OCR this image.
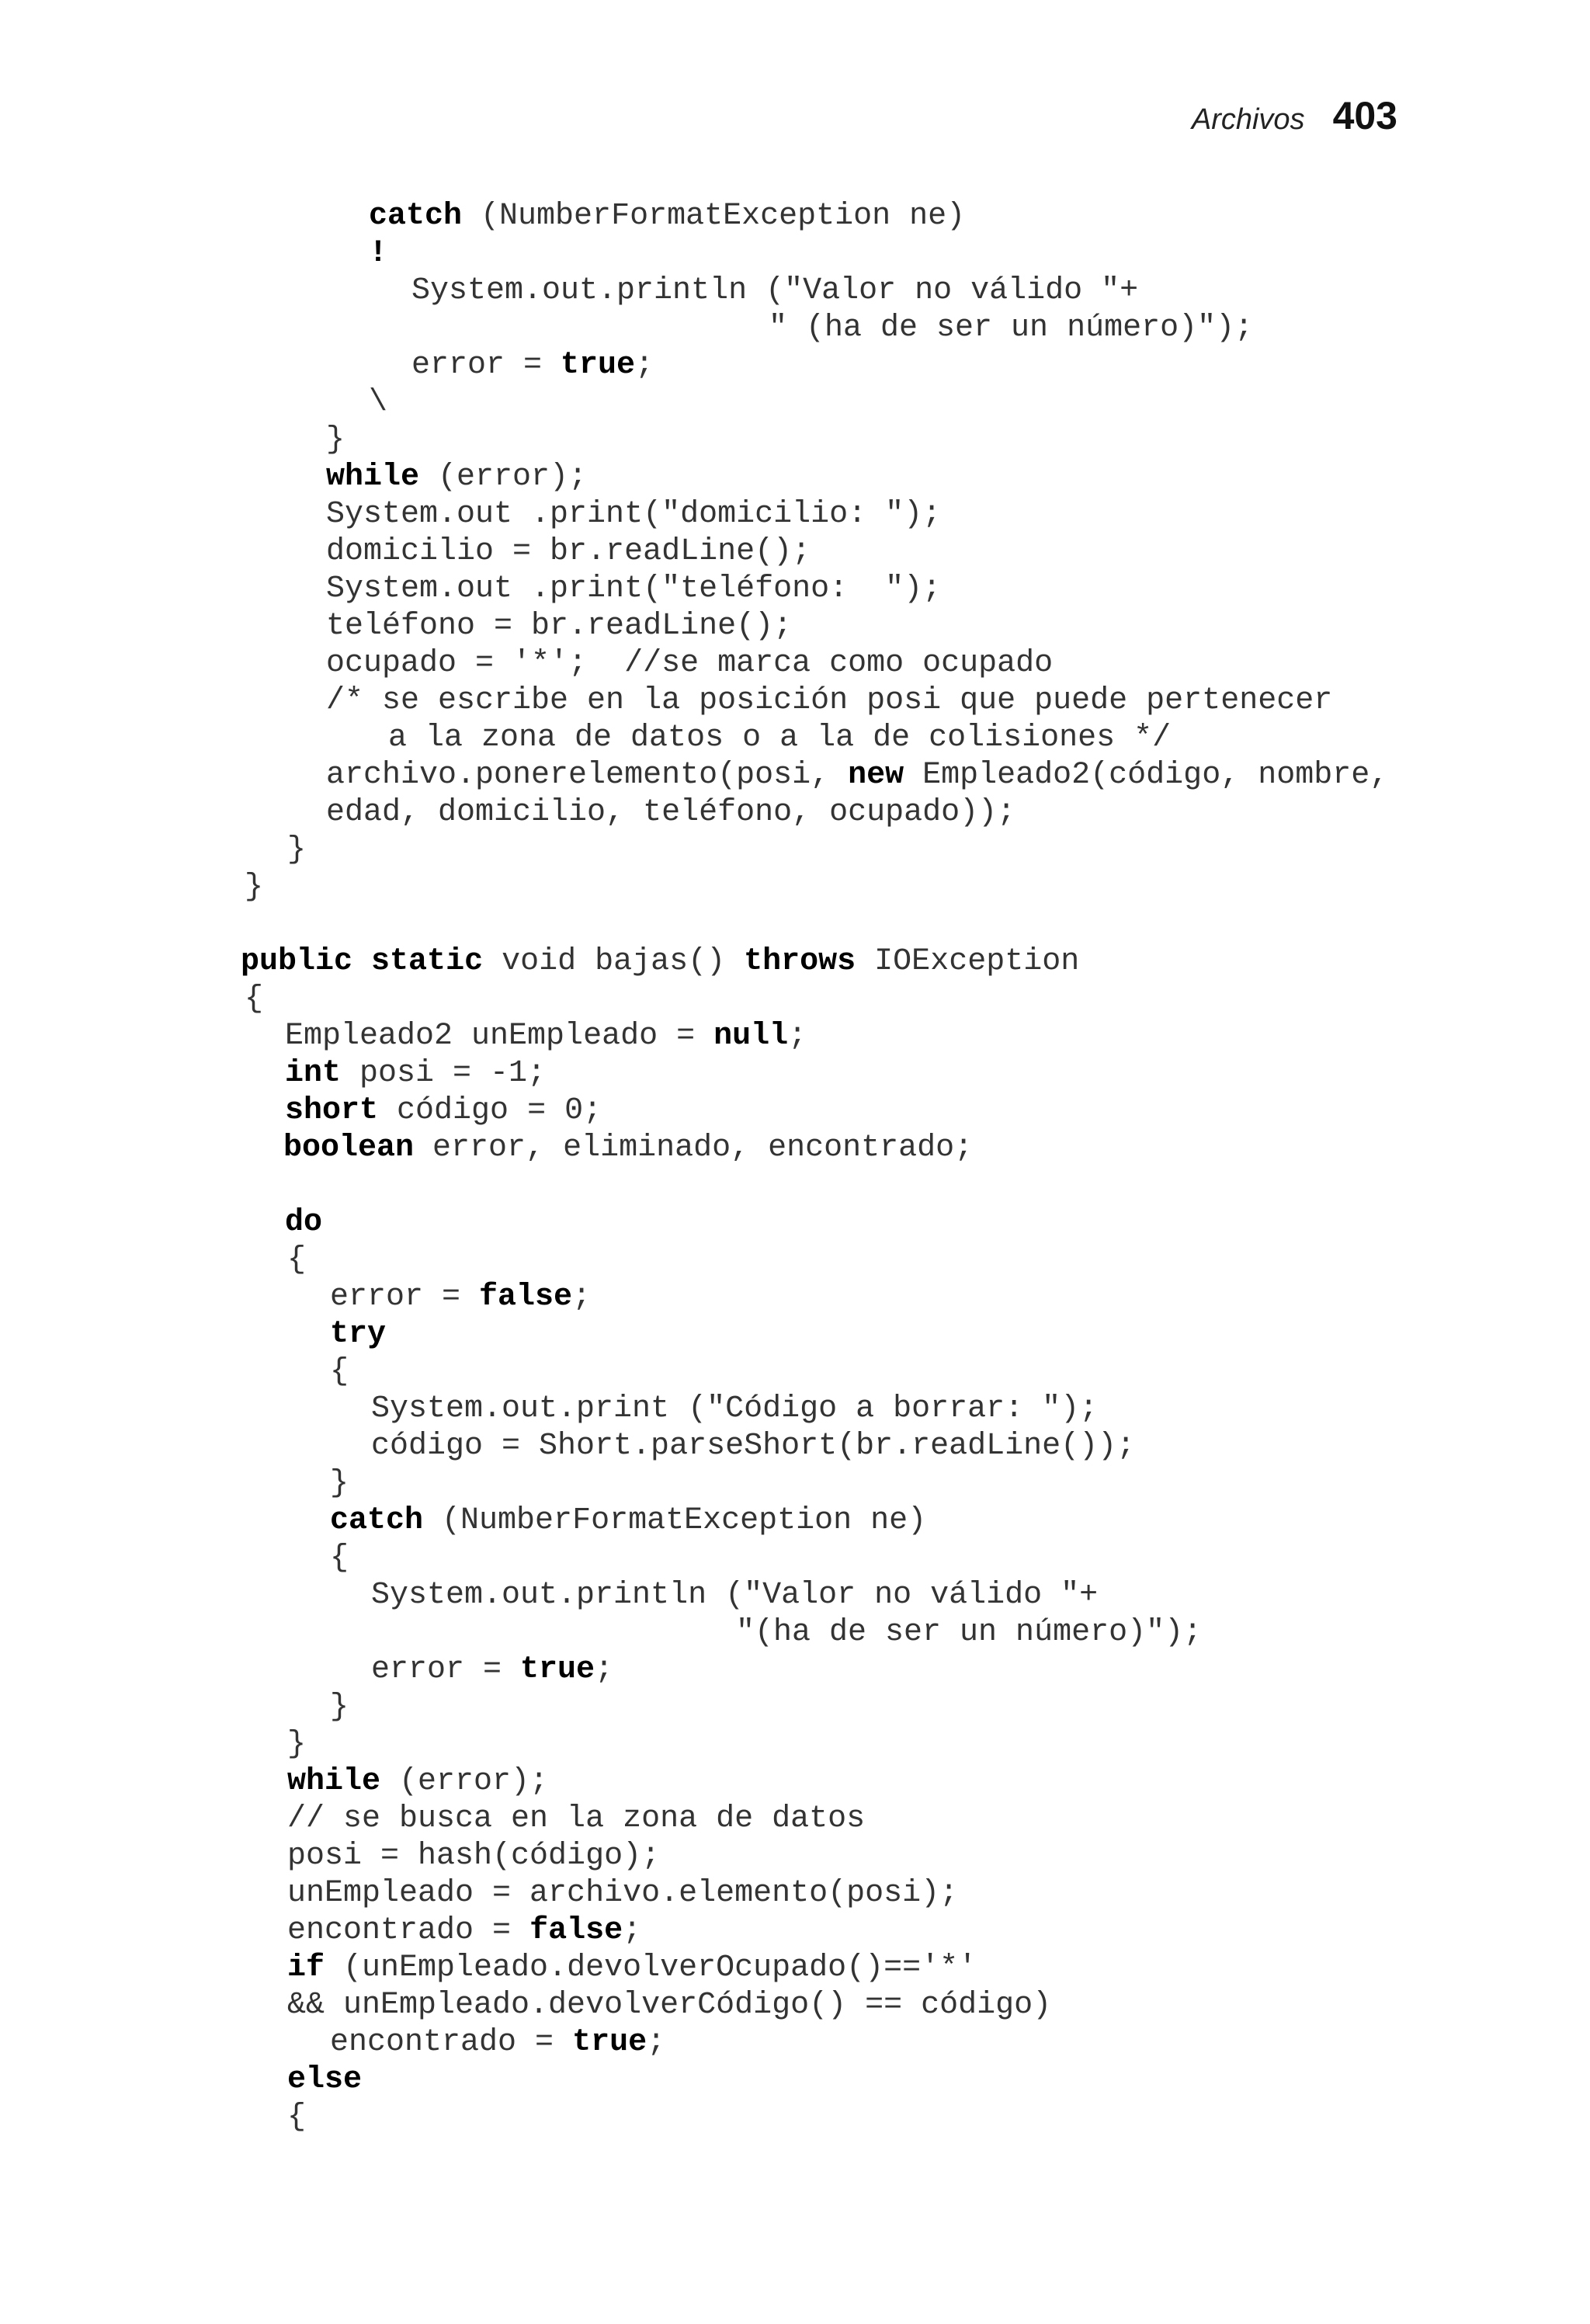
Archivos 403
catch (NumberFormatException ne)
!
System.out.println ("Valor no válido "+
" (ha de ser un número)");
error = true;
\
}
while (error);
System.out .print("domicilio: ");
domicilio = br.readLine();
System.out .print("teléfono:  ");
teléfono = br.readLine();
ocupado = '*';  //se marca como ocupado
/* se escribe en la posición posi que puede pertenecer
a la zona de datos o a la de colisiones */
archivo.ponerelemento(posi, new Empleado2(código, nombre,
edad, domicilio, teléfono, ocupado));
}
}
public static void bajas() throws IOException
{
Empleado2 unEmpleado = null;
int posi = -1;
short código = 0;
boolean error, eliminado, encontrado;
do
{
error = false;
try
{
System.out.print ("Código a borrar: ");
código = Short.parseShort(br.readLine());
}
catch (NumberFormatException ne)
{
System.out.println ("Valor no válido "+
"(ha de ser un número)");
error = true;
}
}
while (error);
// se busca en la zona de datos
posi = hash(código);
unEmpleado = archivo.elemento(posi);
encontrado = false;
if (unEmpleado.devolverOcupado()=='*'
&& unEmpleado.devolverCódigo() == código)
encontrado = true;
else
{
